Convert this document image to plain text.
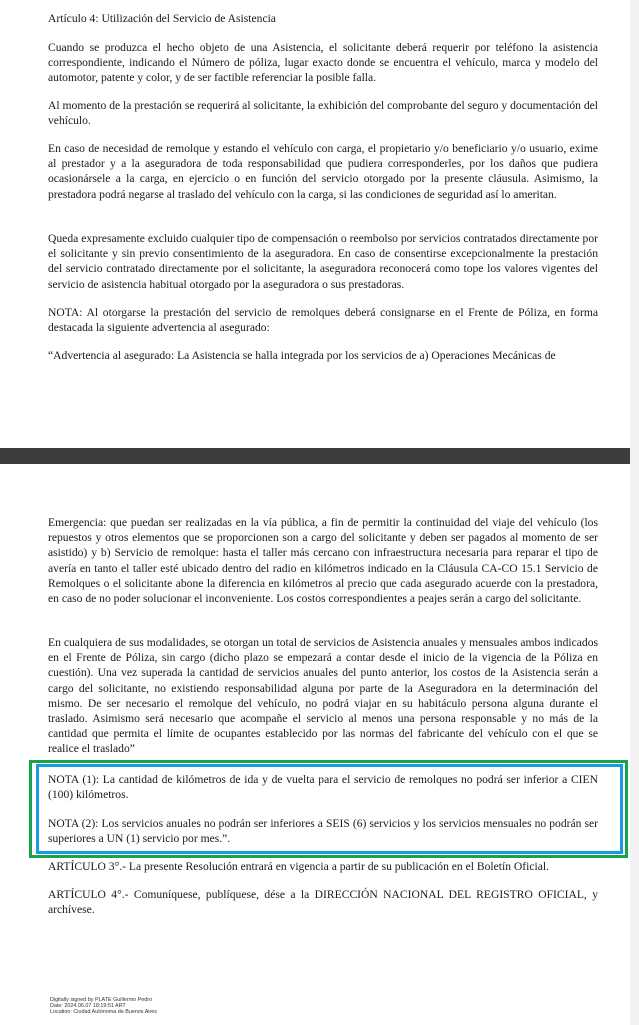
Artículo 4: Utilización del Servicio de Asistencia

Cuando se produzca el hecho objeto de una Asistencia, el solicitante deberá requerir por teléfono la asistencia correspondiente, indicando el Número de póliza, lugar exacto donde se encuentra el vehículo, marca y modelo del automotor, patente y color, y de ser factible referenciar la posible falla.

Al momento de la prestación se requerirá al solicitante, la exhibición del comprobante del seguro y documentación del vehículo.

En caso de necesidad de remolque y estando el vehículo con carga, el propietario y/o beneficiario y/o usuario, exime al prestador y a la aseguradora de toda responsabilidad que pudiera corresponderles, por los daños que pudiera ocasionársele a la carga, en ejercicio o en función del servicio otorgado por la presente cláusula. Asimismo, la prestadora podrá negarse al traslado del vehículo con la carga, si las condiciones de seguridad así lo ameritan.

Queda expresamente excluido cualquier tipo de compensación o reembolso por servicios contratados directamente por el solicitante y sin previo consentimiento de la aseguradora. En caso de consentirse excepcionalmente la prestación del servicio contratado directamente por el solicitante, la aseguradora reconocerá como tope los valores vigentes del servicio de asistencia habitual otorgado por la aseguradora o sus prestadoras.

NOTA: Al otorgarse la prestación del servicio de remolques deberá consignarse en el Frente de Póliza, en forma destacada la siguiente advertencia al asegurado:

“Advertencia al asegurado: La Asistencia se halla integrada por los servicios de a) Operaciones Mecánicas de

Emergencia: que puedan ser realizadas en la vía pública, a fin de permitir la continuidad del viaje del vehículo (los repuestos y otros elementos que se proporcionen son a cargo del solicitante y deben ser pagados al momento de ser asistido) y b) Servicio de remolque: hasta el taller más cercano con infraestructura necesaria para reparar el tipo de avería en tanto el taller esté ubicado dentro del radio en kilómetros indicado en la Cláusula CA-CO 15.1 Servicio de Remolques o el solicitante abone la diferencia en kilómetros al precio que cada asegurado acuerde con la prestadora, en caso de no poder solucionar el inconveniente. Los costos correspondientes a peajes serán a cargo del solicitante.

En cualquiera de sus modalidades, se otorgan un total de servicios de Asistencia anuales y mensuales ambos indicados en el Frente de Póliza, sin cargo (dicho plazo se empezará a contar desde el inicio de la vigencia de la Póliza en cuestión). Una vez superada la cantidad de servicios anuales del punto anterior, los costos de la Asistencia serán a cargo del solicitante, no existiendo responsabilidad alguna por parte de la Aseguradora en la determinación del mismo. De ser necesario el remolque del vehículo, no podrá viajar en su habitáculo persona alguna durante el traslado. Asimismo será necesario que acompañe el servicio al menos una persona responsable y no más de la cantidad que permita el límite de ocupantes establecido por las normas del fabricante del vehículo con el que se realice el traslado”

NOTA (1): La cantidad de kilómetros de ida y de vuelta para el servicio de remolques no podrá ser inferior a CIEN (100) kilómetros.

NOTA (2): Los servicios anuales no podrán ser inferiores a SEIS (6) servicios y los servicios mensuales no podrán ser superiores a UN (1) servicio por mes.”.

ARTÍCULO 3°.- La presente Resolución entrará en vigencia a partir de su publicación en el Boletín Oficial.

ARTÍCULO 4°.- Comuníquese, publíquese, dése a la DIRECCIÓN NACIONAL DEL REGISTRO OFICIAL, y archívese.

Digitally signed by PLATE Guillermo Pedro
Date: 2024.06.07 18:19:51 ART
Location: Ciudad Autónoma de Buenos Aires
